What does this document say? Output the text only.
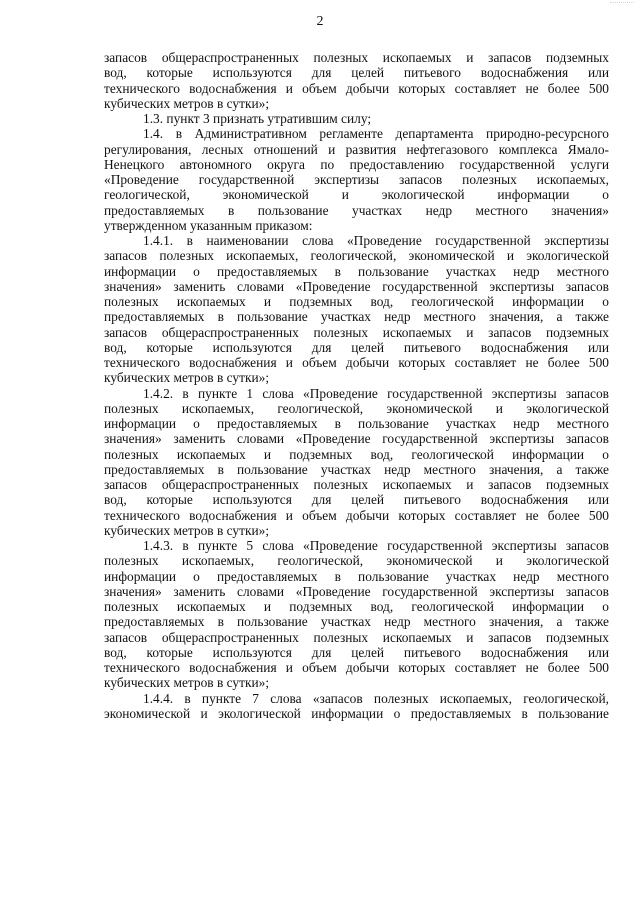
2
запасов общераспространенных полезных ископаемых и запасов подземных
вод, которые используются для целей питьевого водоснабжения или
технического водоснабжения и объем добычи которых составляет не более 500
кубических метров в сутки»;
1.3. пункт 3 признать утратившим силу;
1.4. в Административном регламенте департамента природно-ресурсного
регулирования, лесных отношений и развития нефтегазового комплекса Ямало-
Ненецкого автономного округа по предоставлению государственной услуги
«Проведение государственной экспертизы запасов полезных ископаемых,
геологической, экономической и экологической информации о
предоставляемых в пользование участках недр местного значения»
утвержденном указанным приказом:
1.4.1. в наименовании слова «Проведение государственной экспертизы
запасов полезных ископаемых, геологической, экономической и экологической
информации о предоставляемых в пользование участках недр местного
значения» заменить словами «Проведение государственной экспертизы запасов
полезных ископаемых и подземных вод, геологической информации о
предоставляемых в пользование участках недр местного значения, а также
запасов общераспространенных полезных ископаемых и запасов подземных
вод, которые используются для целей питьевого водоснабжения или
технического водоснабжения и объем добычи которых составляет не более 500
кубических метров в сутки»;
1.4.2. в пункте 1 слова «Проведение государственной экспертизы запасов
полезных ископаемых, геологической, экономической и экологической
информации о предоставляемых в пользование участках недр местного
значения» заменить словами «Проведение государственной экспертизы запасов
полезных ископаемых и подземных вод, геологической информации о
предоставляемых в пользование участках недр местного значения, а также
запасов общераспространенных полезных ископаемых и запасов подземных
вод, которые используются для целей питьевого водоснабжения или
технического водоснабжения и объем добычи которых составляет не более 500
кубических метров в сутки»;
1.4.3. в пункте 5 слова «Проведение государственной экспертизы запасов
полезных ископаемых, геологической, экономической и экологической
информации о предоставляемых в пользование участках недр местного
значения» заменить словами «Проведение государственной экспертизы запасов
полезных ископаемых и подземных вод, геологической информации о
предоставляемых в пользование участках недр местного значения, а также
запасов общераспространенных полезных ископаемых и запасов подземных
вод, которые используются для целей питьевого водоснабжения или
технического водоснабжения и объем добычи которых составляет не более 500
кубических метров в сутки»;
1.4.4. в пункте 7 слова «запасов полезных ископаемых, геологической,
экономической и экологической информации о предоставляемых в пользование
